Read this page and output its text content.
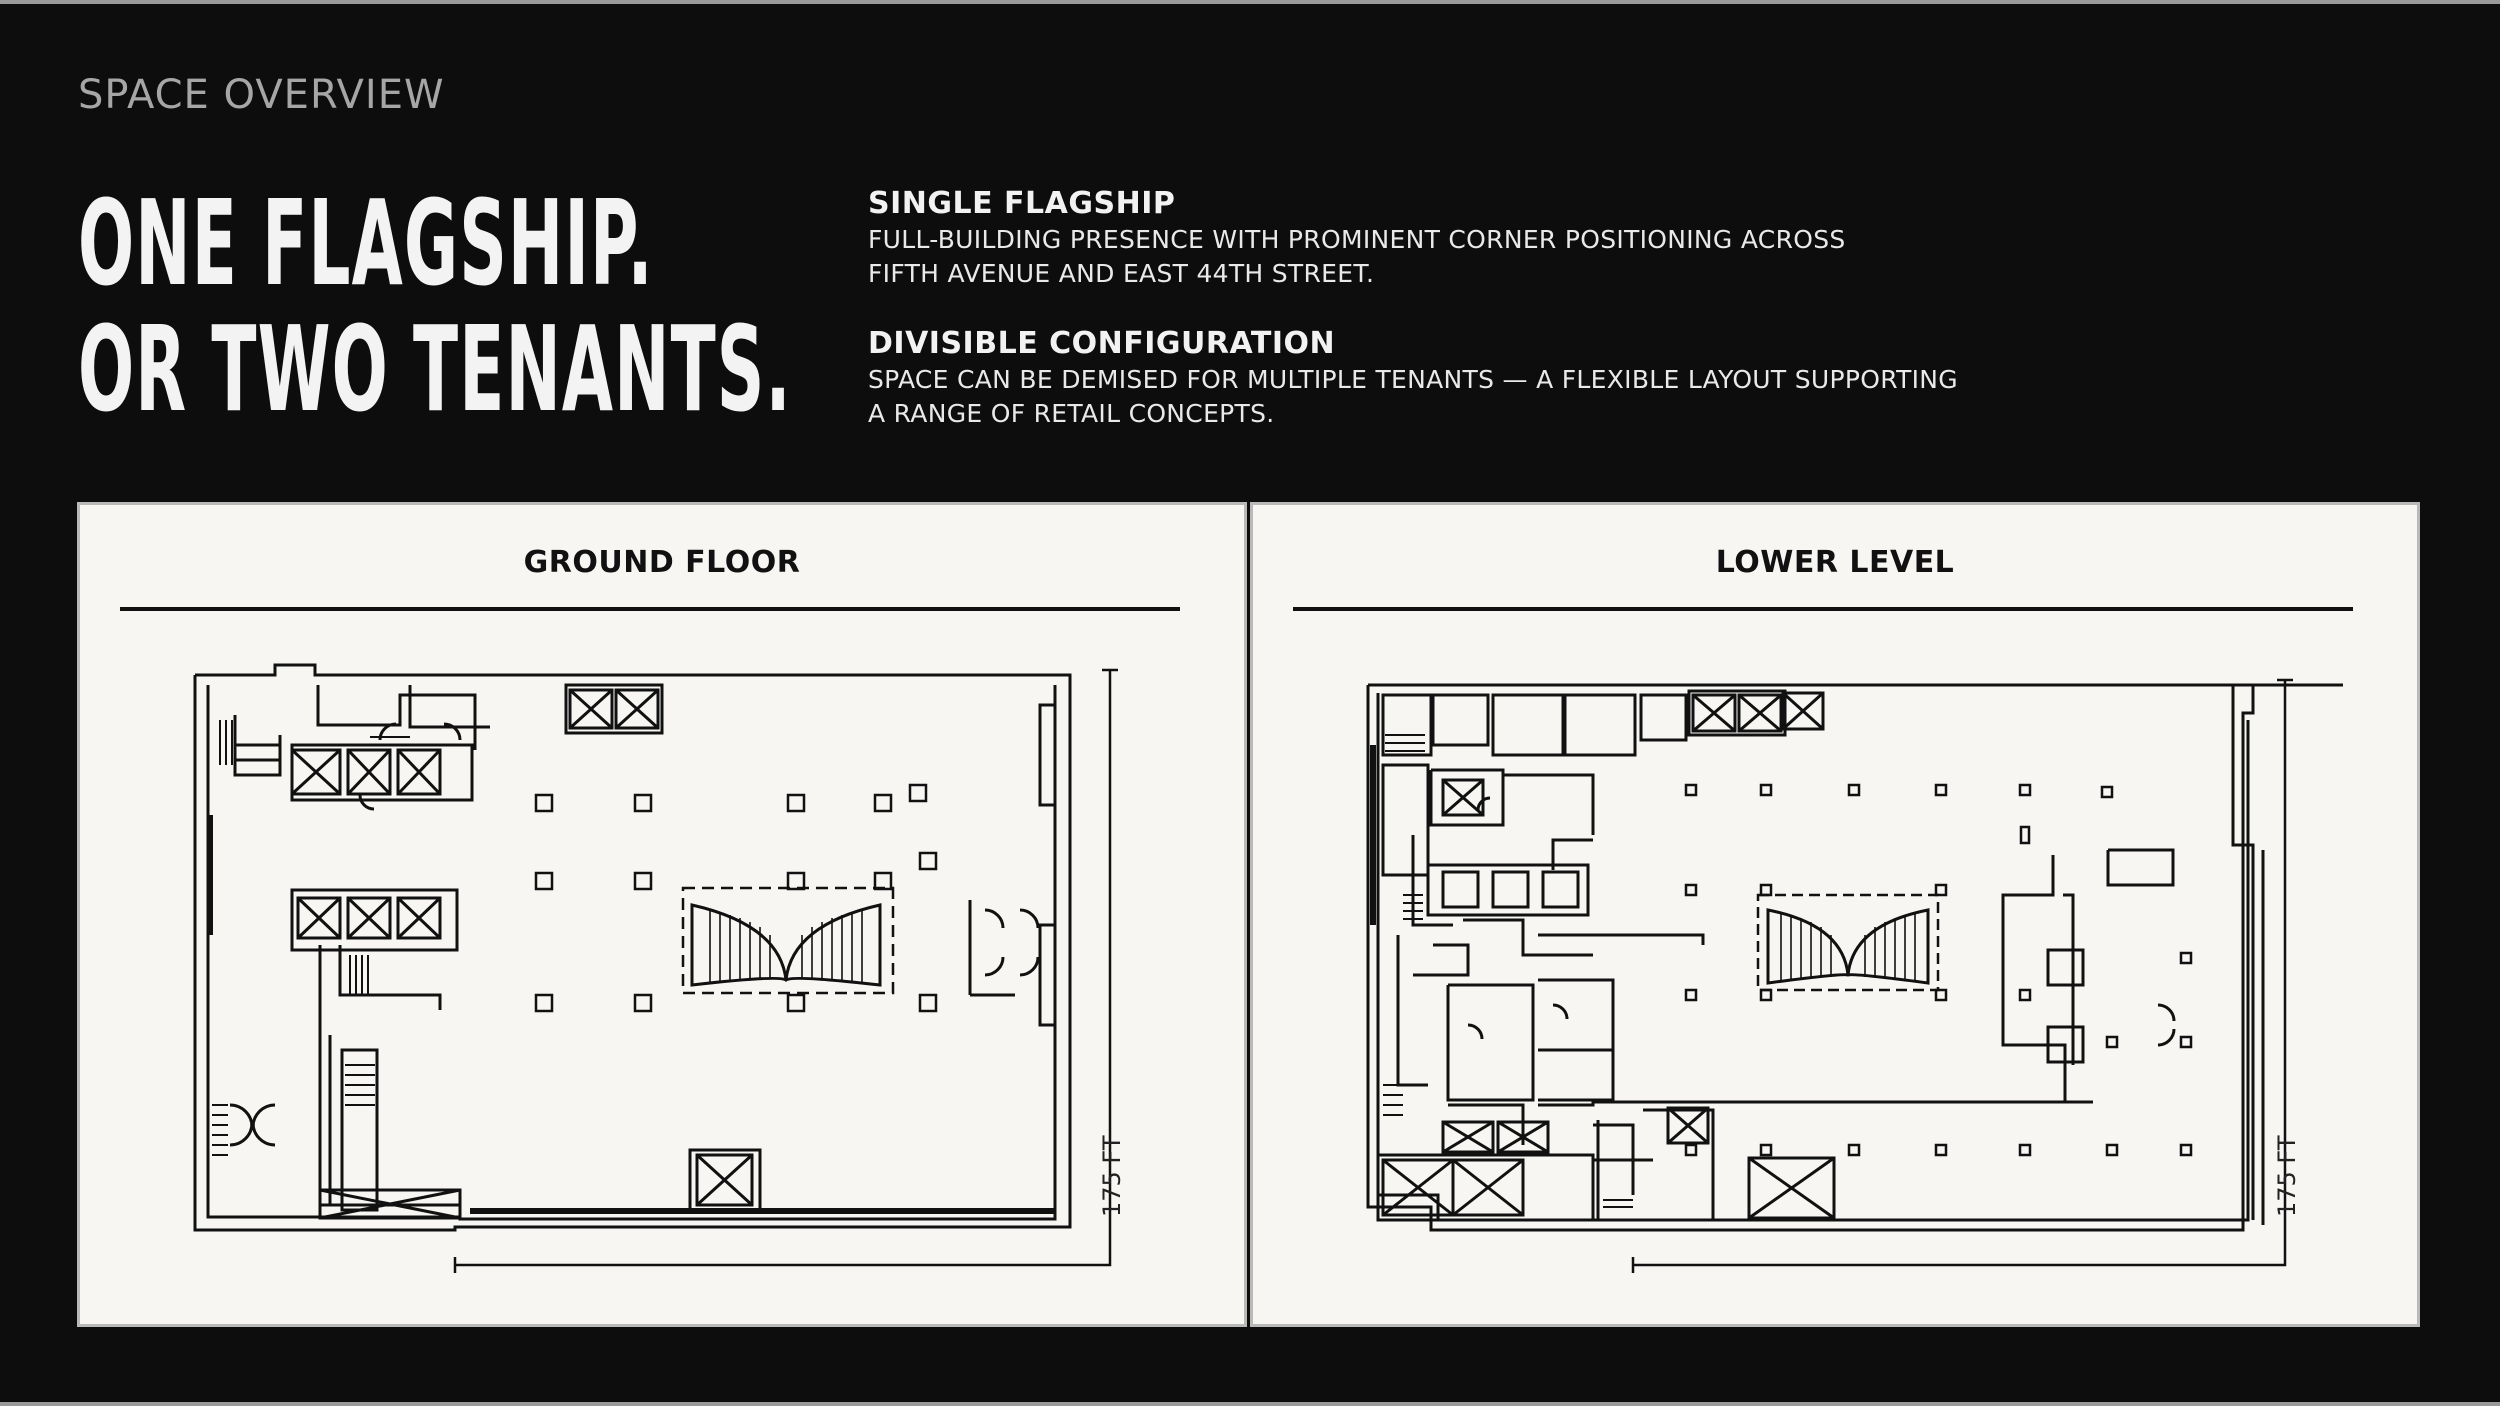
SPACE OVERVIEW
ONE FLAGSHIP.
OR TWO TENANTS.
SINGLE FLAGSHIP

FULL-BUILDING PRESENCE WITH PROMINENT CORNER POSITIONING ACROSS
FIFTH AVENUE AND EAST 44TH STREET.

DIVISIBLE CONFIGURATION

SPACE CAN BE DEMISED FOR MULTIPLE TENANTS — A FLEXIBLE LAYOUT SUPPORTING
A RANGE OF RETAIL CONCEPTS.

GROUND FLOOR
175 FT
LOWER LEVEL
175 FT
